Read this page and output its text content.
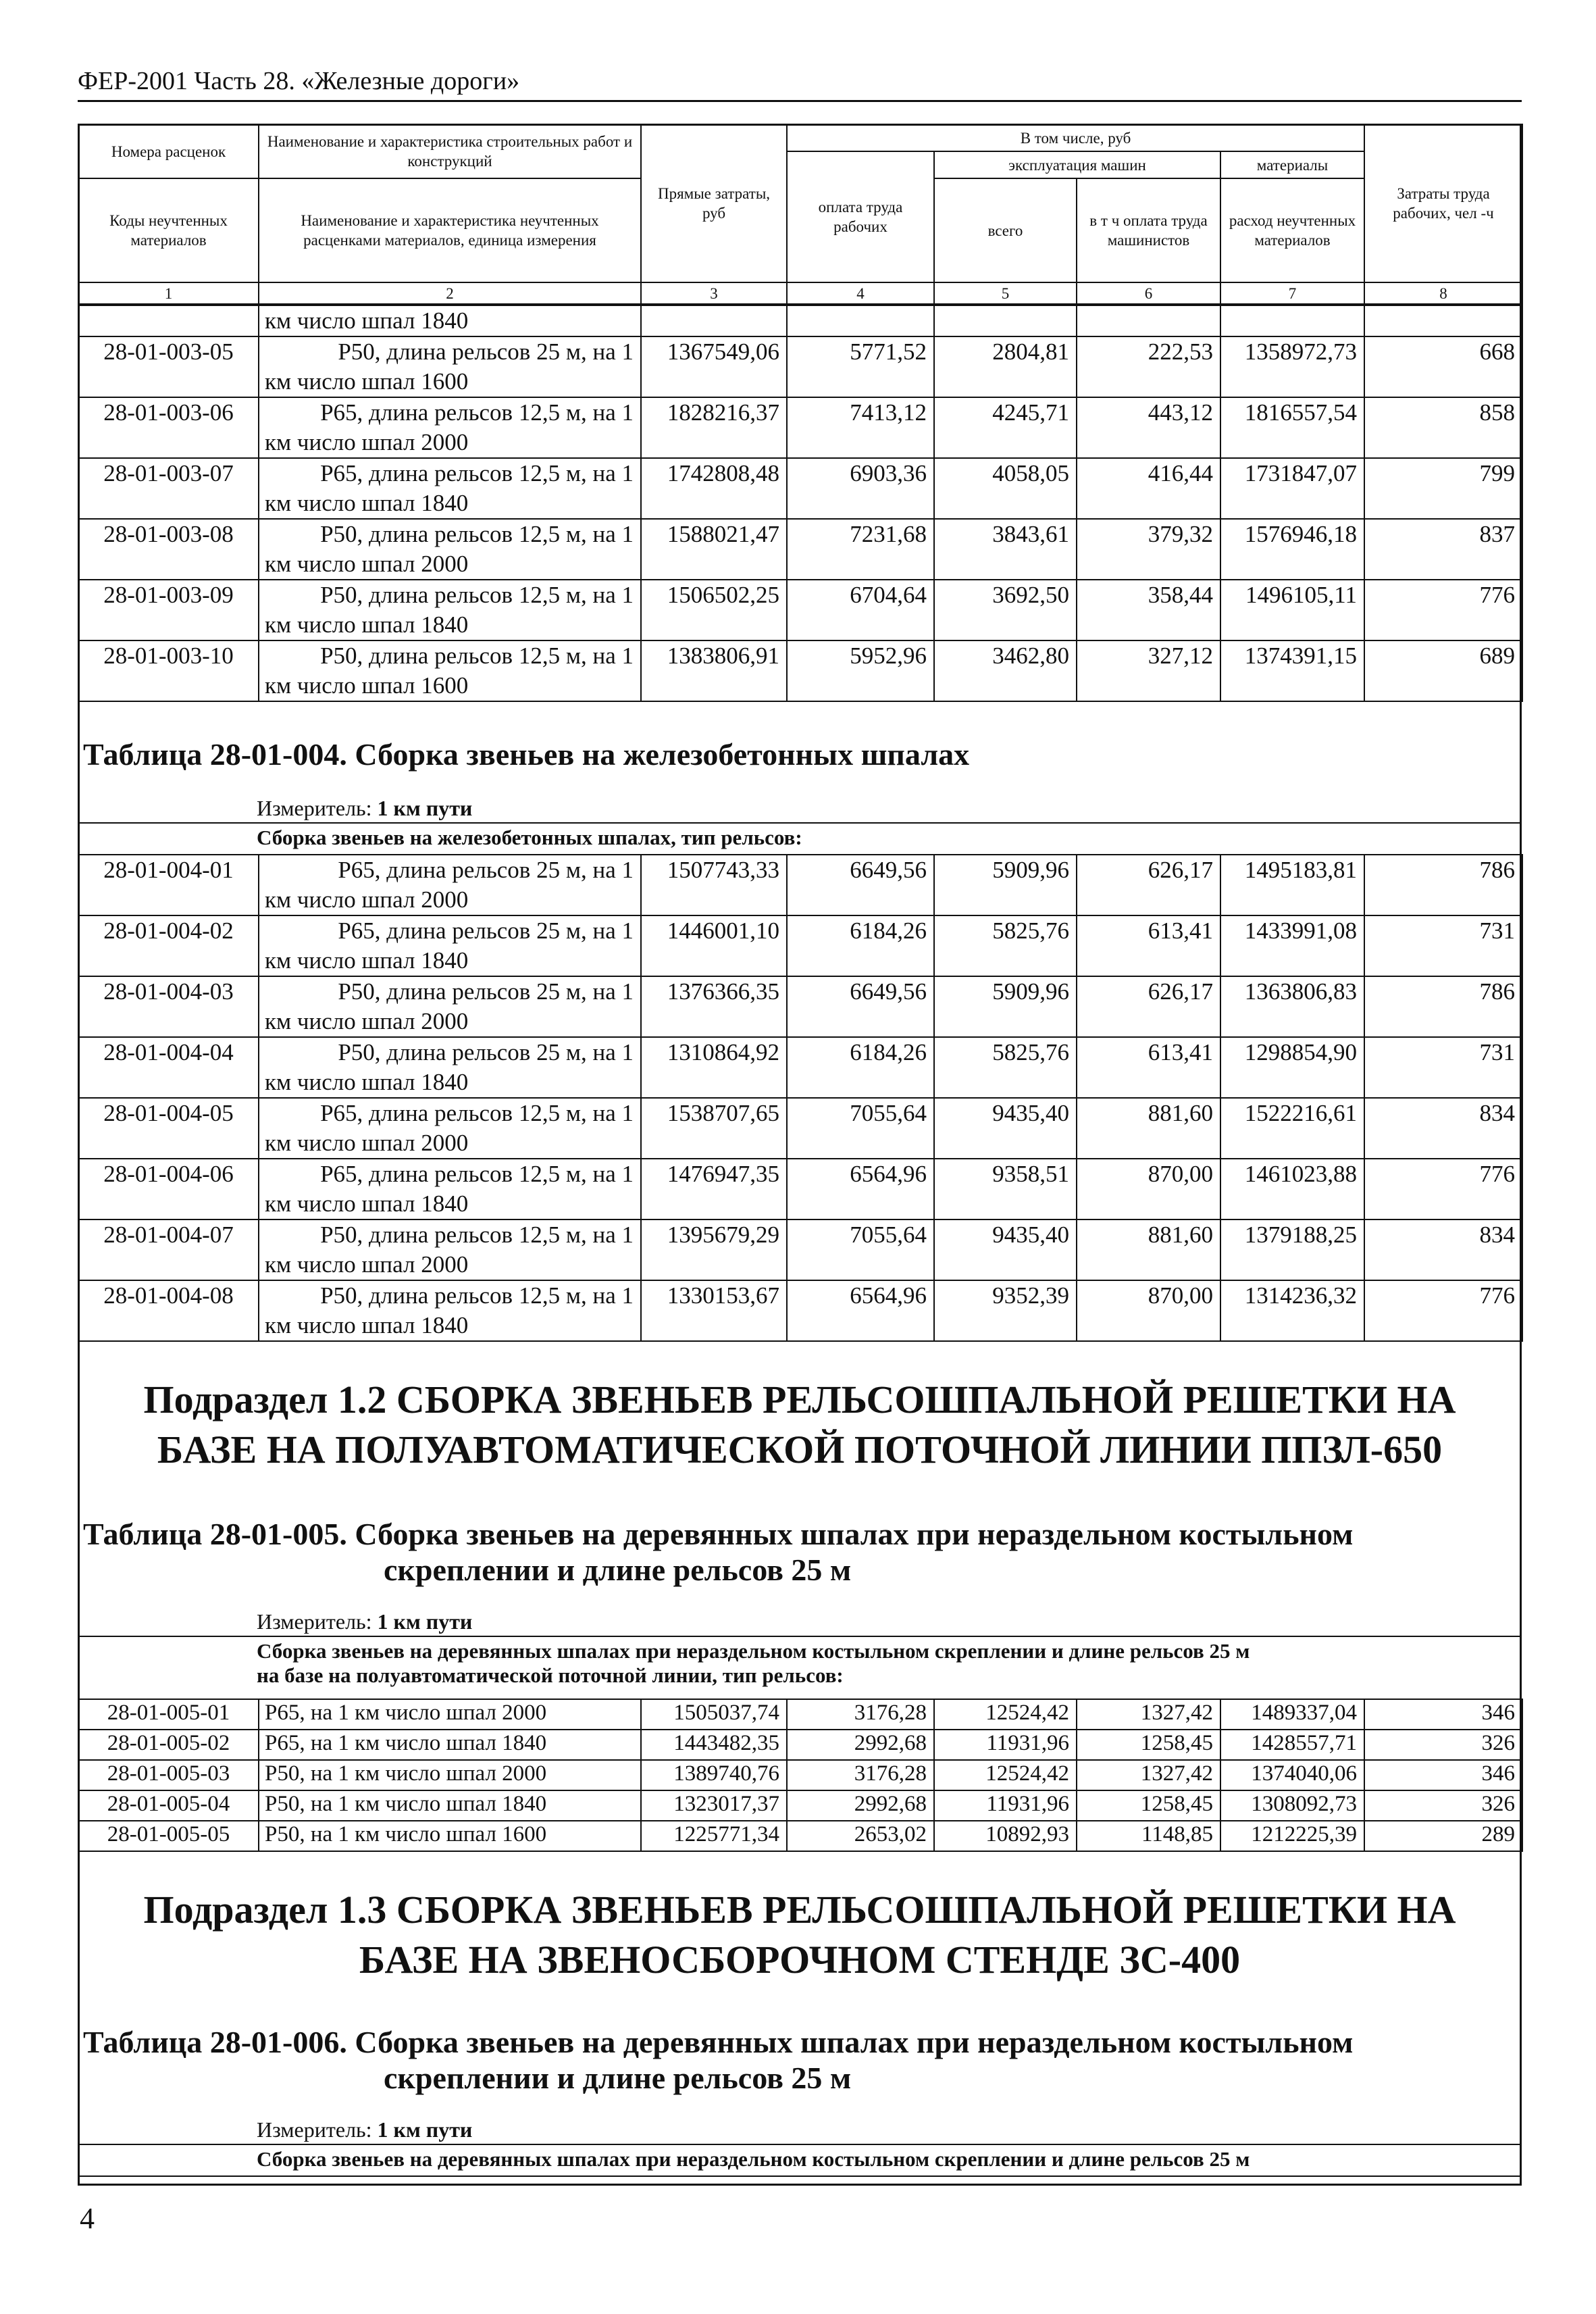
ФЕР-2001 Часть 28. «Железные дороги»
Номера расценок	Наименование и характеристика строительных работ и конструкций	Прямые затраты, руб	В том числе, руб				Затраты труда рабочих, чел -ч
			оплата труда рабочих	эксплуатация машин		материалы	
Коды неучтенных материалов	Наименование и характеристика неучтенных расценками материалов, единица измерения			всего	в т ч оплата труда машинистов	расход неучтенных материалов	

1	2	3	4	5	6	7	8
	км число шпал 1840						
28-01-003-05	Р50, длина рельсов 25 м, на 1
км число шпал 1600	1367549,06	5771,52	2804,81	222,53	1358972,73	668
28-01-003-06	Р65, длина рельсов 12,5 м, на 1
км число шпал 2000	1828216,37	7413,12	4245,71	443,12	1816557,54	858
28-01-003-07	Р65, длина рельсов 12,5 м, на 1
км число шпал 1840	1742808,48	6903,36	4058,05	416,44	1731847,07	799
28-01-003-08	Р50, длина рельсов 12,5 м, на 1
км число шпал 2000	1588021,47	7231,68	3843,61	379,32	1576946,18	837
28-01-003-09	Р50, длина рельсов 12,5 м, на 1
км число шпал 1840	1506502,25	6704,64	3692,50	358,44	1496105,11	776
28-01-003-10	Р50, длина рельсов 12,5 м, на 1
км число шпал 1600	1383806,91	5952,96	3462,80	327,12	1374391,15	689
Таблица 28-01-004. Сборка звеньев на железобетонных шпалах
Измеритель: 1 км пути
Сборка звеньев на железобетонных шпалах, тип рельсов:
28-01-004-01	Р65, длина рельсов 25 м, на 1
км число шпал 2000	1507743,33	6649,56	5909,96	626,17	1495183,81	786
28-01-004-02	Р65, длина рельсов 25 м, на 1
км число шпал 1840	1446001,10	6184,26	5825,76	613,41	1433991,08	731
28-01-004-03	Р50, длина рельсов 25 м, на 1
км число шпал 2000	1376366,35	6649,56	5909,96	626,17	1363806,83	786
28-01-004-04	Р50, длина рельсов 25 м, на 1
км число шпал 1840	1310864,92	6184,26	5825,76	613,41	1298854,90	731
28-01-004-05	Р65, длина рельсов 12,5 м, на 1
км число шпал 2000	1538707,65	7055,64	9435,40	881,60	1522216,61	834
28-01-004-06	Р65, длина рельсов 12,5 м, на 1
км число шпал 1840	1476947,35	6564,96	9358,51	870,00	1461023,88	776
28-01-004-07	Р50, длина рельсов 12,5 м, на 1
км число шпал 2000	1395679,29	7055,64	9435,40	881,60	1379188,25	834
28-01-004-08	Р50, длина рельсов 12,5 м, на 1
км число шпал 1840	1330153,67	6564,96	9352,39	870,00	1314236,32	776
Подраздел 1.2 СБОРКА ЗВЕНЬЕВ РЕЛЬСОШПАЛЬНОЙ РЕШЕТКИ НА
БАЗЕ НА ПОЛУАВТОМАТИЧЕСКОЙ ПОТОЧНОЙ ЛИНИИ ППЗЛ-650
Таблица 28-01-005. Сборка звеньев на деревянных шпалах при нераздельном костыльном
скреплении и длине рельсов 25 м
Измеритель: 1 км пути
Сборка звеньев на деревянных шпалах при нераздельном костыльном скреплении и длине рельсов 25 м
на базе на полуавтоматической поточной линии, тип рельсов:
28-01-005-01	Р65, на 1 км число шпал 2000	1505037,74	3176,28	12524,42	1327,42	1489337,04	346
28-01-005-02	Р65, на 1 км число шпал 1840	1443482,35	2992,68	11931,96	1258,45	1428557,71	326
28-01-005-03	Р50, на 1 км число шпал 2000	1389740,76	3176,28	12524,42	1327,42	1374040,06	346
28-01-005-04	Р50, на 1 км число шпал 1840	1323017,37	2992,68	11931,96	1258,45	1308092,73	326
28-01-005-05	Р50, на 1 км число шпал 1600	1225771,34	2653,02	10892,93	1148,85	1212225,39	289
Подраздел 1.3 СБОРКА ЗВЕНЬЕВ РЕЛЬСОШПАЛЬНОЙ РЕШЕТКИ НА
БАЗЕ НА ЗВЕНОСБОРОЧНОМ СТЕНДЕ ЗС-400
Таблица 28-01-006. Сборка звеньев на деревянных шпалах при нераздельном костыльном
скреплении и длине рельсов 25 м
Измеритель: 1 км пути
Сборка звеньев на деревянных шпалах при нераздельном костыльном скреплении и длине рельсов 25 м
4
